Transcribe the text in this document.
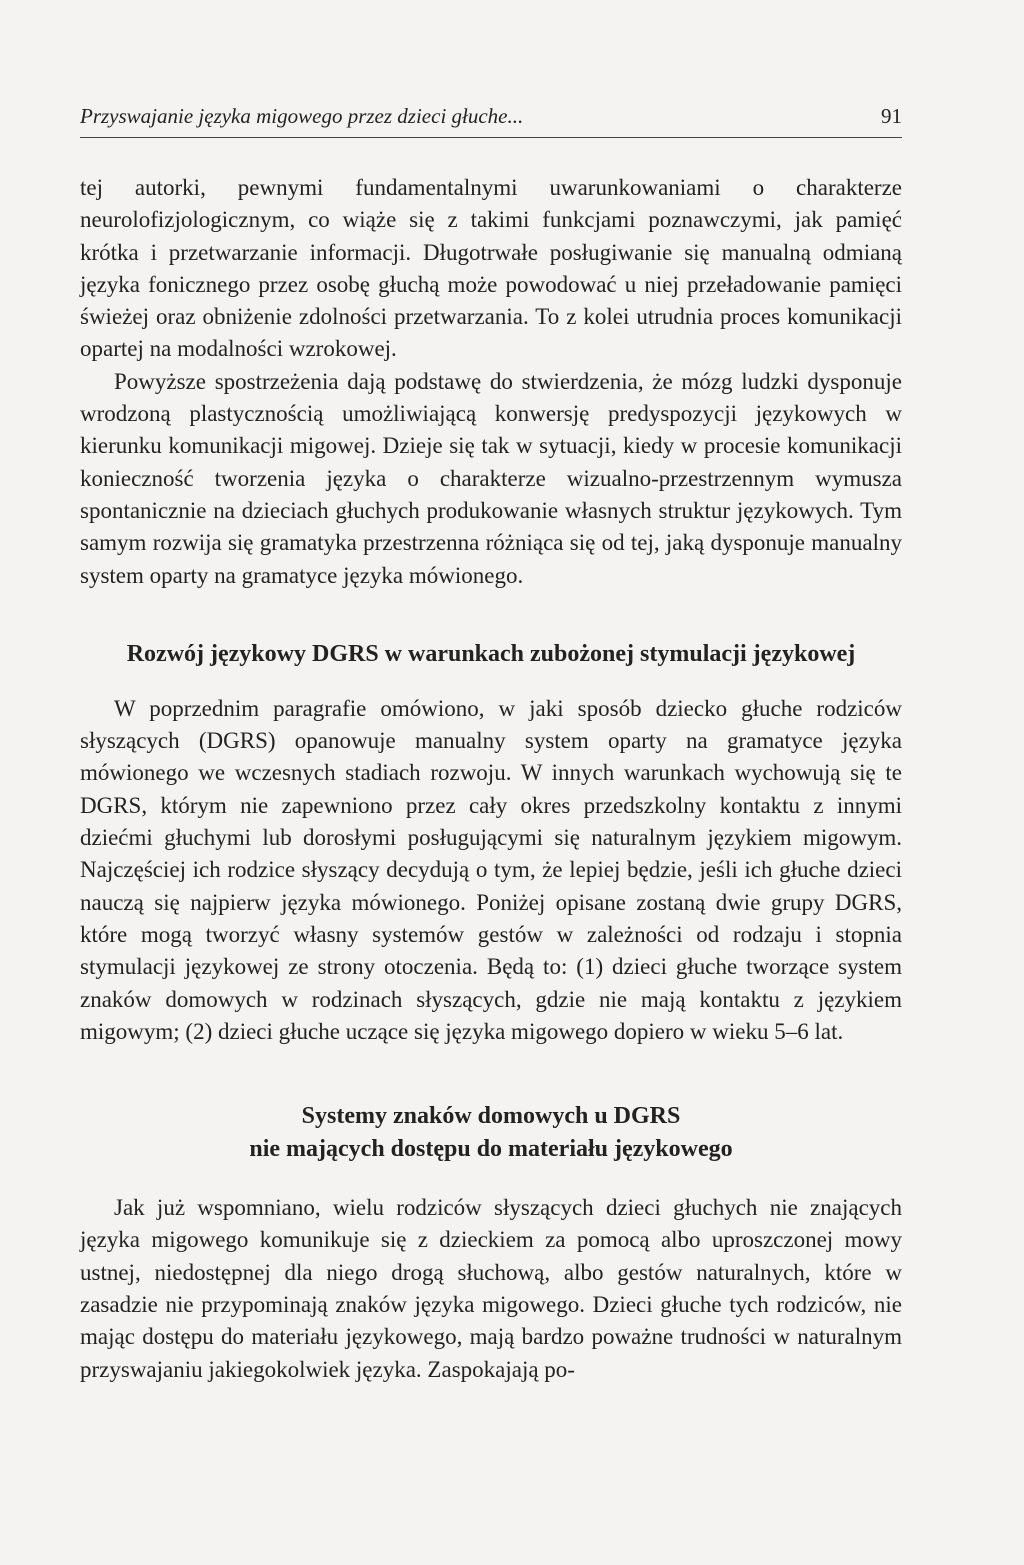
Przyswajanie języka migowego przez dzieci głuche...	91

tej autorki, pewnymi fundamentalnymi uwarunkowaniami o charakterze neurolofizjologicznym, co wiąże się z takimi funkcjami poznawczymi, jak pamięć krótka i przetwarzanie informacji. Długotrwałe posługiwanie się manualną odmianą języka fonicznego przez osobę głuchą może powodować u niej przeładowanie pamięci świeżej oraz obniżenie zdolności przetwarzania. To z kolei utrudnia proces komunikacji opartej na modalności wzrokowej.

Powyższe spostrzeżenia dają podstawę do stwierdzenia, że mózg ludzki dysponuje wrodzoną plastycznością umożliwiającą konwersję predyspozycji językowych w kierunku komunikacji migowej. Dzieje się tak w sytuacji, kiedy w procesie komunikacji konieczność tworzenia języka o charakterze wizualno-przestrzennym wymusza spontanicznie na dzieciach głuchych produkowanie własnych struktur językowych. Tym samym rozwija się gramatyka przestrzenna różniąca się od tej, jaką dysponuje manualny system oparty na gramatyce języka mówionego.

Rozwój językowy DGRS w warunkach zubożonej stymulacji językowej

W poprzednim paragrafie omówiono, w jaki sposób dziecko głuche rodziców słyszących (DGRS) opanowuje manualny system oparty na gramatyce języka mówionego we wczesnych stadiach rozwoju. W innych warunkach wychowują się te DGRS, którym nie zapewniono przez cały okres przedszkolny kontaktu z innymi dziećmi głuchymi lub dorosłymi posługującymi się naturalnym językiem migowym. Najczęściej ich rodzice słyszący decydują o tym, że lepiej będzie, jeśli ich głuche dzieci nauczą się najpierw języka mówionego. Poniżej opisane zostaną dwie grupy DGRS, które mogą tworzyć własny systemów gestów w zależności od rodzaju i stopnia stymulacji językowej ze strony otoczenia. Będą to: (1) dzieci głuche tworzące system znaków domowych w rodzinach słyszących, gdzie nie mają kontaktu z językiem migowym; (2) dzieci głuche uczące się języka migowego dopiero w wieku 5–6 lat.

Systemy znaków domowych u DGRS
nie mających dostępu do materiału językowego

Jak już wspomniano, wielu rodziców słyszących dzieci głuchych nie znających języka migowego komunikuje się z dzieckiem za pomocą albo uproszczonej mowy ustnej, niedostępnej dla niego drogą słuchową, albo gestów naturalnych, które w zasadzie nie przypominają znaków języka migowego. Dzieci głuche tych rodziców, nie mając dostępu do materiału językowego, mają bardzo poważne trudności w naturalnym przyswajaniu jakiegokolwiek języka. Zaspokajają po-
